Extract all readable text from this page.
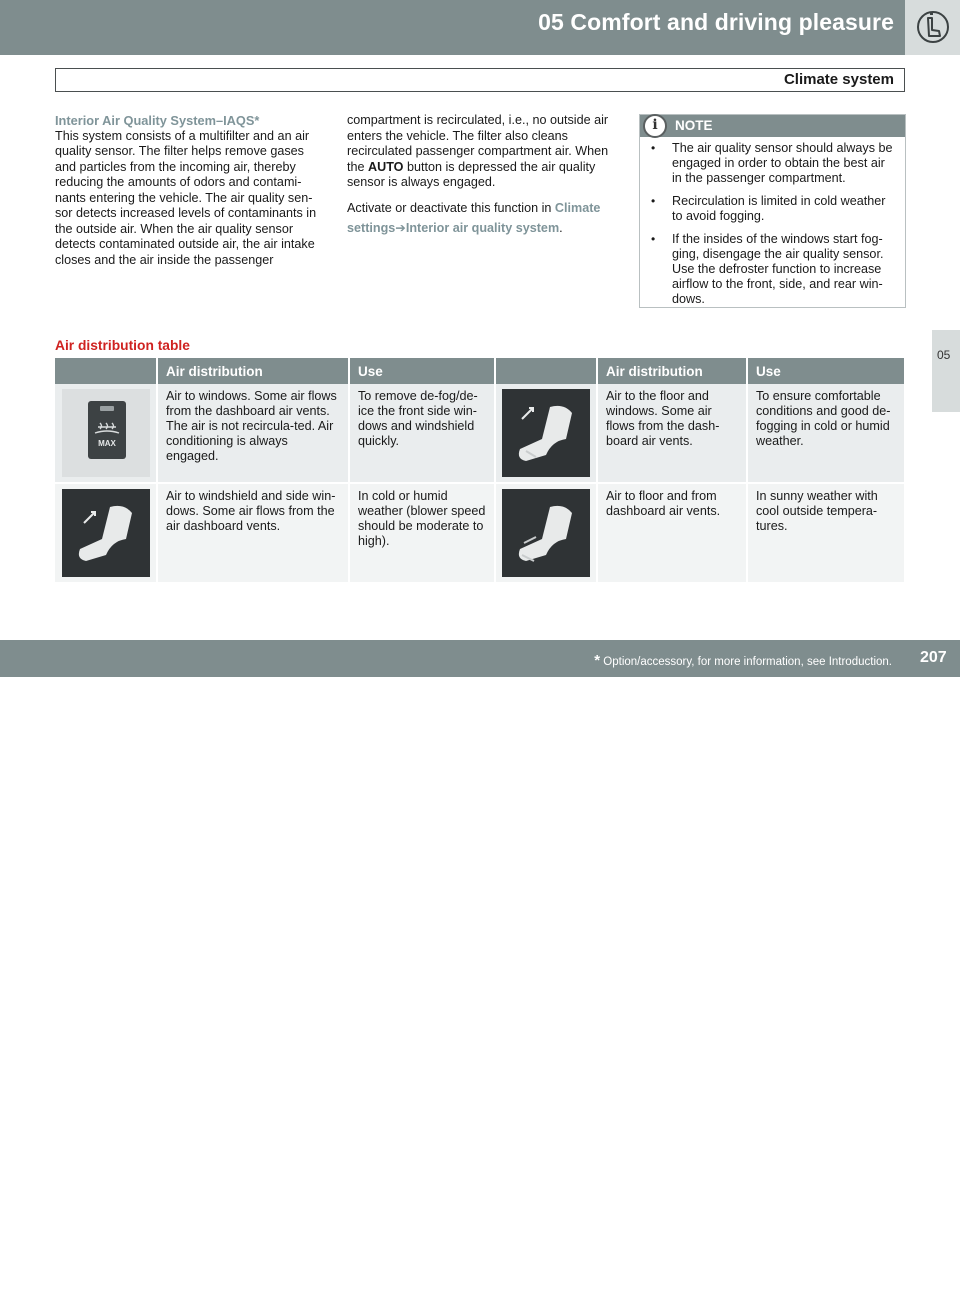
05 Comfort and driving pleasure
Climate system
Interior Air Quality System–IAQS*

This system consists of a multifilter and an air quality sensor. The filter helps remove gases and particles from the incoming air, thereby reducing the amounts of odors and contami-nants entering the vehicle. The air quality sen-sor detects increased levels of contaminants in the outside air. When the air quality sensor detects contaminated outside air, the air intake closes and the air inside the passenger

compartment is recirculated, i.e., no outside air enters the vehicle. The filter also cleans recirculated passenger compartment air. When the AUTO button is depressed the air quality sensor is always engaged.

Activate or deactivate this function in Climate settings➔Interior air quality system.

i	NOTE
• The air quality sensor should always be engaged in order to obtain the best air in the passenger compartment.
• Recirculation is limited in cold weather to avoid fogging.
• If the insides of the windows start fog-ging, disengage the air quality sensor. Use the defroster function to increase airflow to the front, side, and rear win-dows.
Air distribution table
	Air distribution	Use		Air distribution	Use

MAX	Air to windows. Some air flows from the dashboard air vents. The air is not recircula-ted. Air conditioning is always engaged.	To remove de-fog/de-ice the front side win-dows and windshield quickly.		Air to the floor and windows. Some air flows from the dash-board air vents.	To ensure comfortable conditions and good de-fogging in cold or humid weather.

	Air to windshield and side win-dows. Some air flows from the air dashboard vents.	In cold or humid weather (blower speed should be moderate to high).		Air to floor and from dashboard air vents.	In sunny weather with cool outside tempera-tures.
05
carmanualsonline.info
* Option/accessory, for more information, see Introduction. 207
